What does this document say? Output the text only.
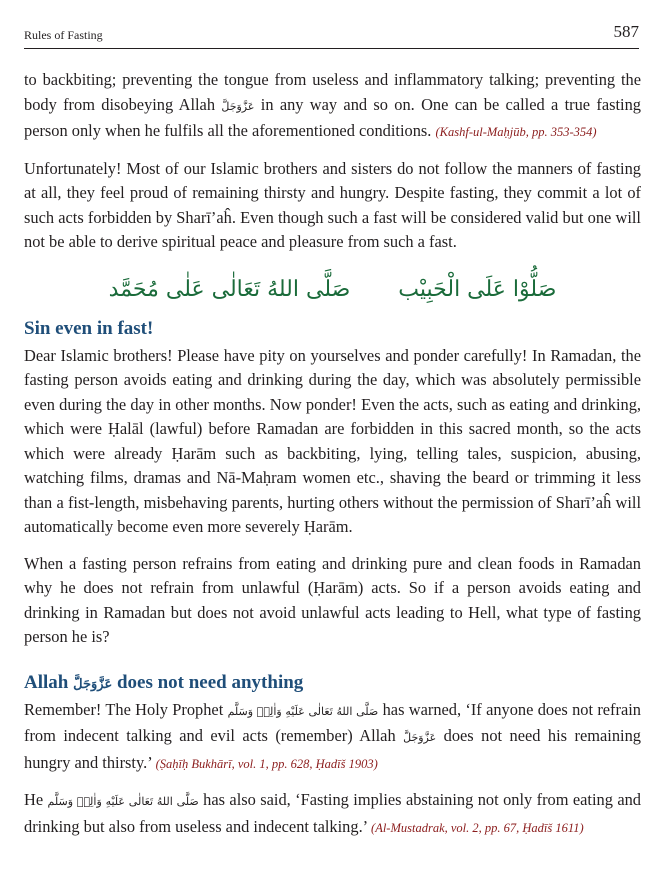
Rules of Fasting	587

to backbiting; preventing the tongue from useless and inflammatory talking; preventing the body from disobeying Allah عَزَّوَجَلَّ in any way and so on. One can be called a true fasting person only when he fulfils all the aforementioned conditions. (Kashf-ul-Maḥjūb, pp. 353-354)

Unfortunately! Most of our Islamic brothers and sisters do not follow the manners of fasting at all, they feel proud of remaining thirsty and hungry. Despite fasting, they commit a lot of such acts forbidden by Sharī’aĥ. Even though such a fast will be considered valid but one will not be able to derive spiritual peace and pleasure from such a fast.

صَلُّوْا عَلَى الْحَبِيْب
صَلَّى اللهُ تَعَالٰى عَلٰى مُحَمَّد
Sin even in fast!

Dear Islamic brothers! Please have pity on yourselves and ponder carefully! In Ramadan, the fasting person avoids eating and drinking during the day, which was absolutely permissible even during the day in other months. Now ponder! Even the acts, such as eating and drinking, which were Ḥalāl (lawful) before Ramadan are forbidden in this sacred month, so the acts which were already Ḥarām such as backbiting, lying, telling tales, suspicion, abusing, watching films, dramas and Nā-Maḥram women etc., shaving the beard or trimming it less than a fist-length, misbehaving parents, hurting others without the permission of Sharī’aĥ will automatically become even more severely Ḥarām.

When a fasting person refrains from eating and drinking pure and clean foods in Ramadan why he does not refrain from unlawful (Ḥarām) acts. So if a person avoids eating and drinking in Ramadan but does not avoid unlawful acts leading to Hell, what type of fasting person he is?

Allah عَزَّوَجَلَّ does not need anything

Remember! The Holy Prophet صَلَّى اللهُ تَعَالٰى عَلَيْهِ وَاٰلِهٖ وَسَلَّم has warned, ‘If anyone does not refrain from indecent talking and evil acts (remember) Allah عَزَّوَجَلَّ does not need his remaining hungry and thirsty.’ (Ṣaḥīḥ Bukhārī, vol. 1, pp. 628, Ḥadīš 1903)

He صَلَّى اللهُ تَعَالٰى عَلَيْهِ وَاٰلِهٖ وَسَلَّم has also said, ‘Fasting implies abstaining not only from eating and drinking but also from useless and indecent talking.’ (Al-Mustadrak, vol. 2, pp. 67, Ḥadīš 1611)
